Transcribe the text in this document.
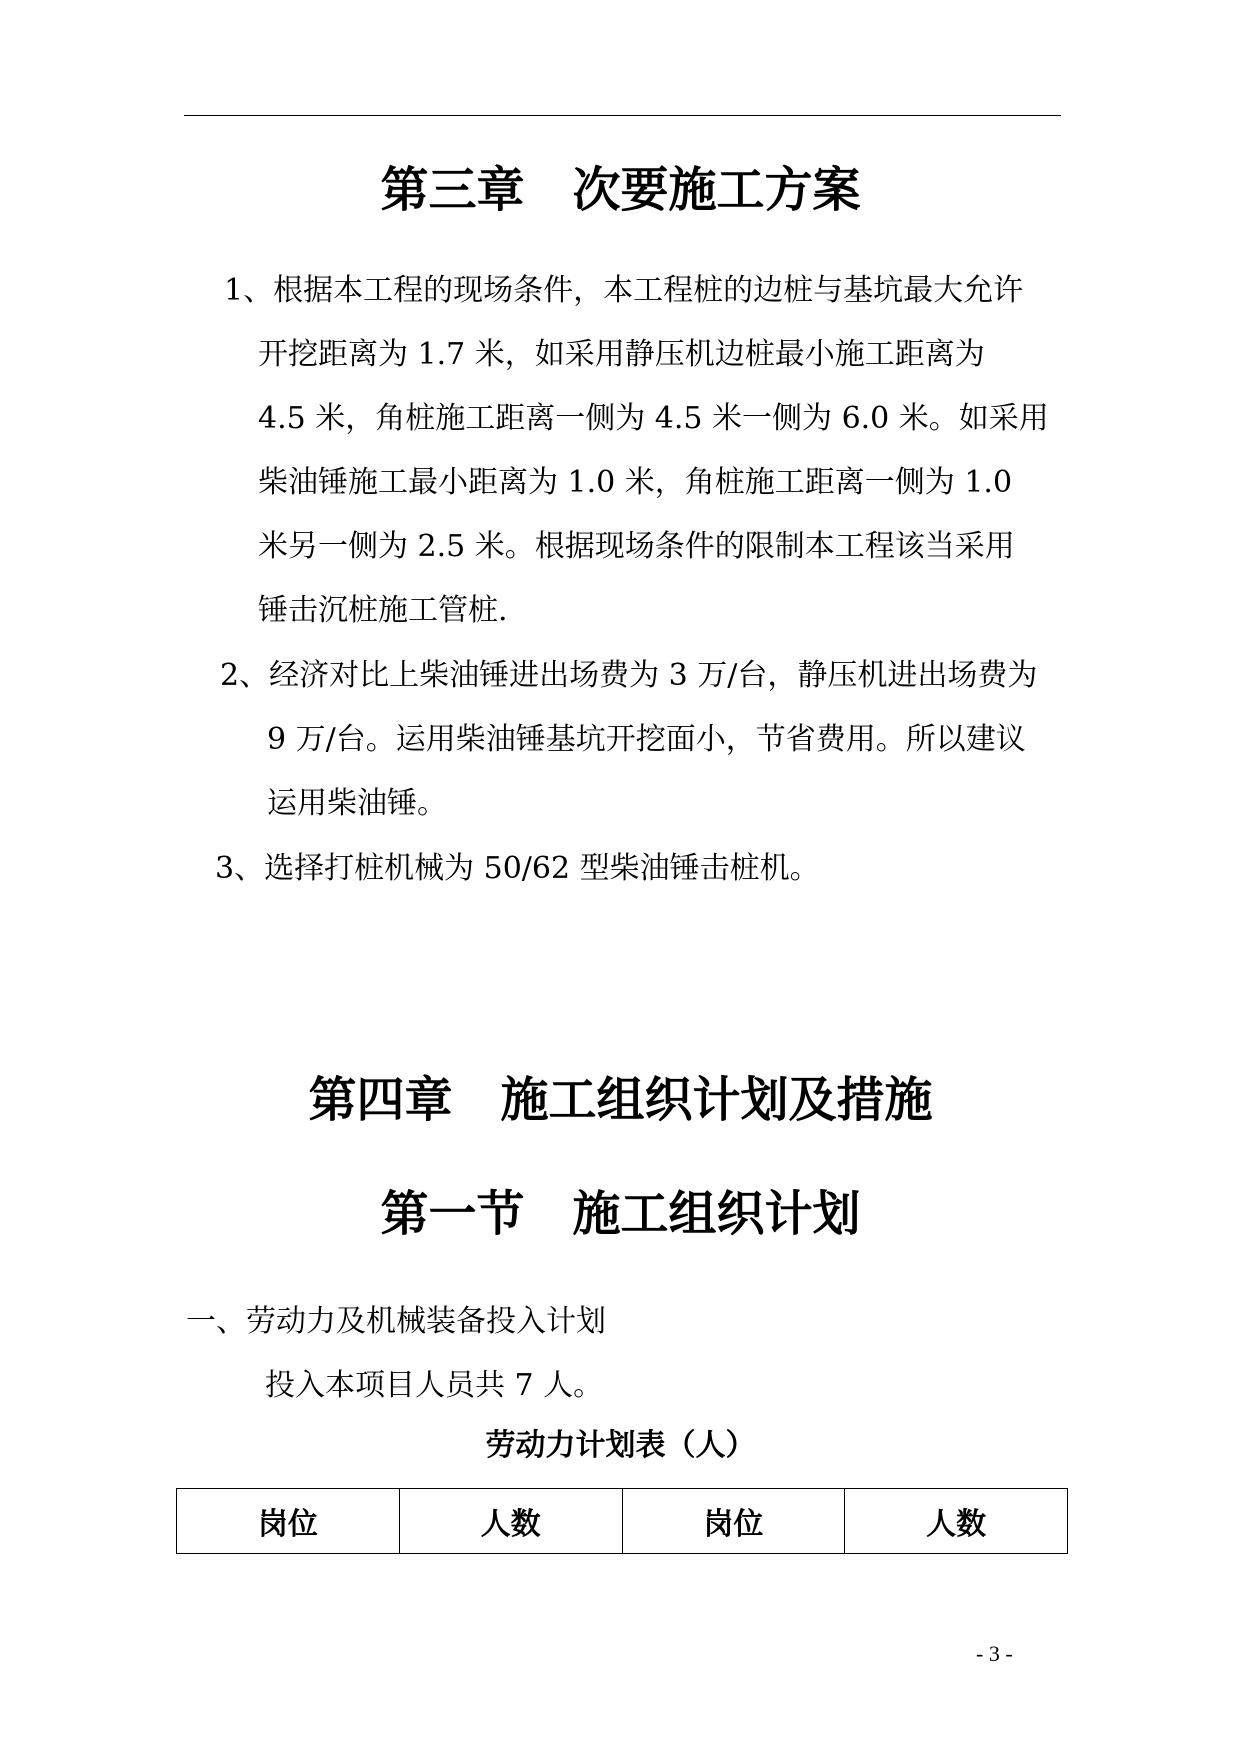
第三章　次要施工方案
1、根据本工程的现场条件，本工程桩的边桩与基坑最大允许
开挖距离为 1.7 米，如采用静压机边桩最小施工距离为
4.5 米，角桩施工距离一侧为 4.5 米一侧为 6.0 米。如采用
柴油锤施工最小距离为 1.0 米，角桩施工距离一侧为 1.0
米另一侧为 2.5 米。根据现场条件的限制本工程该当采用
锤击沉桩施工管桩.
2、经济对比上柴油锤进出场费为 3 万/台，静压机进出场费为
9 万/台。运用柴油锤基坑开挖面小，节省费用。所以建议
运用柴油锤。
3、选择打桩机械为 50/62 型柴油锤击桩机。
第四章　施工组织计划及措施
第一节　施工组织计划
一、劳动力及机械装备投入计划
投入本项目人员共 7 人。
劳动力计划表（人）
岗位	人数	岗位	人数
- 3 -
